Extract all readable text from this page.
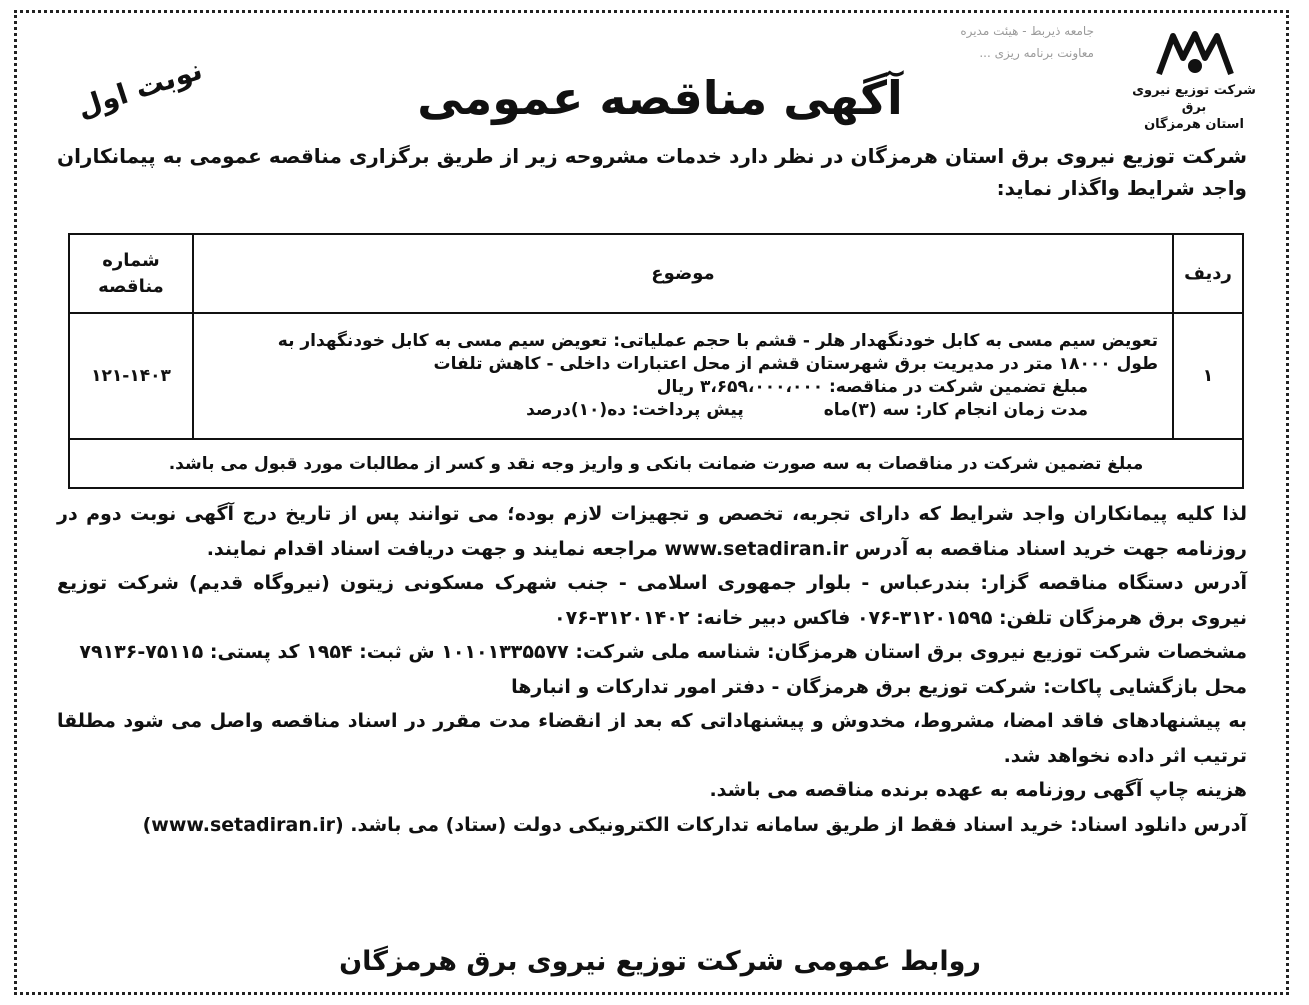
جامعه ذیربط - هیئت مدیره
معاونت برنامه ریزی ...
شرکت توزیع نیروی برق
استان هرمزگان
آگهی مناقصه عمومی
نوبت اول
شرکت توزیع نیروی برق استان هرمزگان در نظر دارد خدمات مشروحه زیر از طریق برگزاری مناقصه عمومی به پیمانکاران واجد شرایط واگذار نماید:
ردیف	موضوع	شماره
مناقصه
۱	تعویض سیم مسی به کابل خودنگهدار هلر - قشم با حجم عملیاتی: تعویض سیم مسی به کابل خودنگهدار به
طول ۱۸۰۰۰ متر در مدیریت برق شهرستان قشم از محل اعتبارات داخلی - کاهش تلفات
مبلغ تضمین شرکت در مناقصه: ۳،۶۵۹،۰۰۰،۰۰۰ ریال
مدت زمان انجام کار: سه (۳)ماهپیش پرداخت: ده(۱۰)درصد	۱۲۱-۱۴۰۳
مبلغ تضمین شرکت در مناقصات به سه صورت ضمانت بانکی و واریز وجه نقد و کسر از مطالبات مورد قبول می باشد.		

لذا کلیه پیمانکاران واجد شرایط که دارای تجربه، تخصص و تجهیزات لازم بوده؛ می توانند پس از تاریخ درج آگهی نوبت دوم در روزنامه جهت خرید اسناد مناقصه به آدرس www.setadiran.ir مراجعه نمایند و جهت دریافت اسناد اقدام نمایند.

آدرس دستگاه مناقصه گزار: بندرعباس - بلوار جمهوری اسلامی - جنب شهرک مسکونی زیتون (نیروگاه قدیم) شرکت توزیع نیروی برق هرمزگان تلفن: ۳۱۲۰۱۵۹۵-۰۷۶ فاکس دبیر خانه: ۳۱۲۰۱۴۰۲-۰۷۶

مشخصات شرکت توزیع نیروی برق استان هرمزگان: شناسه ملی شرکت: ۱۰۱۰۱۳۳۵۵۷۷ ش ثبت: ۱۹۵۴ کد پستی: ۷۵۱۱۵-۷۹۱۳۶

محل بازگشایی پاکات: شرکت توزیع برق هرمزگان - دفتر امور تدارکات و انبارها

به پیشنهادهای فاقد امضا، مشروط، مخدوش و پیشنهاداتی که بعد از انقضاء مدت مقرر در اسناد مناقصه واصل می شود مطلقا ترتیب اثر داده نخواهد شد.

هزینه چاپ آگهی روزنامه به عهده برنده مناقصه می باشد.

آدرس دانلود اسناد: خرید اسناد فقط از طریق سامانه تدارکات الکترونیکی دولت (ستاد) می باشد. (www.setadiran.ir)

روابط عمومی شرکت توزیع نیروی برق هرمزگان
